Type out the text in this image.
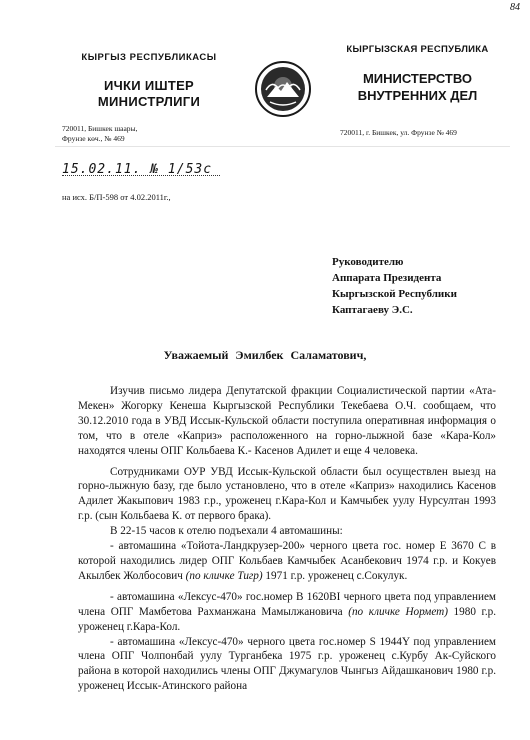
84
КЫРГЫЗ РЕСПУБЛИКАСЫ
ИЧКИ ИШТЕР
МИНИСТРЛИГИ
720011, Бишкек шаары,
Фрунзе көч., № 469
КЫРГЫЗСКАЯ РЕСПУБЛИКА
МИНИСТЕРСТВО
ВНУТРЕННИХ ДЕЛ
720011, г. Бишкек, ул. Фрунзе № 469
15.02.11. № 1/53с
на исх. Б/П-598 от 4.02.2011г.,
Руководителю
Аппарата Президента
Кыргызской Республики
Каптагаеву Э.С.
Уважаемый Эмилбек Саламатович,

Изучив письмо лидера Депутатской фракции Социалистической партии «Ата-Мекен» Жогорку Кенеша Кыргызской Республики Текебаева О.Ч. сообщаем, что 30.12.2010 года в УВД Иссык-Кульской области поступила оперативная информация о том, что в отеле «Каприз» расположенного на горно-лыжной базе «Кара-Кол» находятся члены ОПГ Кольбаева К.- Касенов Адилет и еще 4 человека.

Сотрудниками ОУР УВД Иссык-Кульской области был осуществлен выезд на горно-лыжную базу, где было установлено, что в отеле «Каприз» находились Касенов Адилет Жакыпович 1983 г.р., уроженец г.Кара-Кол и Камчыбек уулу Нурсултан 1993 г.р. (сын Кольбаева К. от первого брака).

В 22-15 часов к отелю подъехали 4 автомашины:

- автомашина «Тойота-Ландкрузер-200» черного цвета гос. номер Е 3670 С в которой находились лидер ОПГ Кольбаев Камчыбек Асанбекович 1974 г.р. и Кокуев Акылбек Жолбосович (по кличке Тигр) 1971 г.р. уроженец с.Сокулук.

- автомашина «Лексус-470» гос.номер B 1620BI черного цвета под управлением члена ОПГ Мамбетова Рахманжана Мамылжановича (по кличке Нормет) 1980 г.р. уроженец г.Кара-Кол.

- автомашина «Лексус-470» черного цвета гос.номер S 1944Y под управлением члена ОПГ Чолпонбай уулу Турганбека 1975 г.р. уроженец с.Курбу Ак-Суйского района в которой находились члены ОПГ Джумагулов Чынгыз Айдашканович 1980 г.р. уроженец Иссык-Атинского района
